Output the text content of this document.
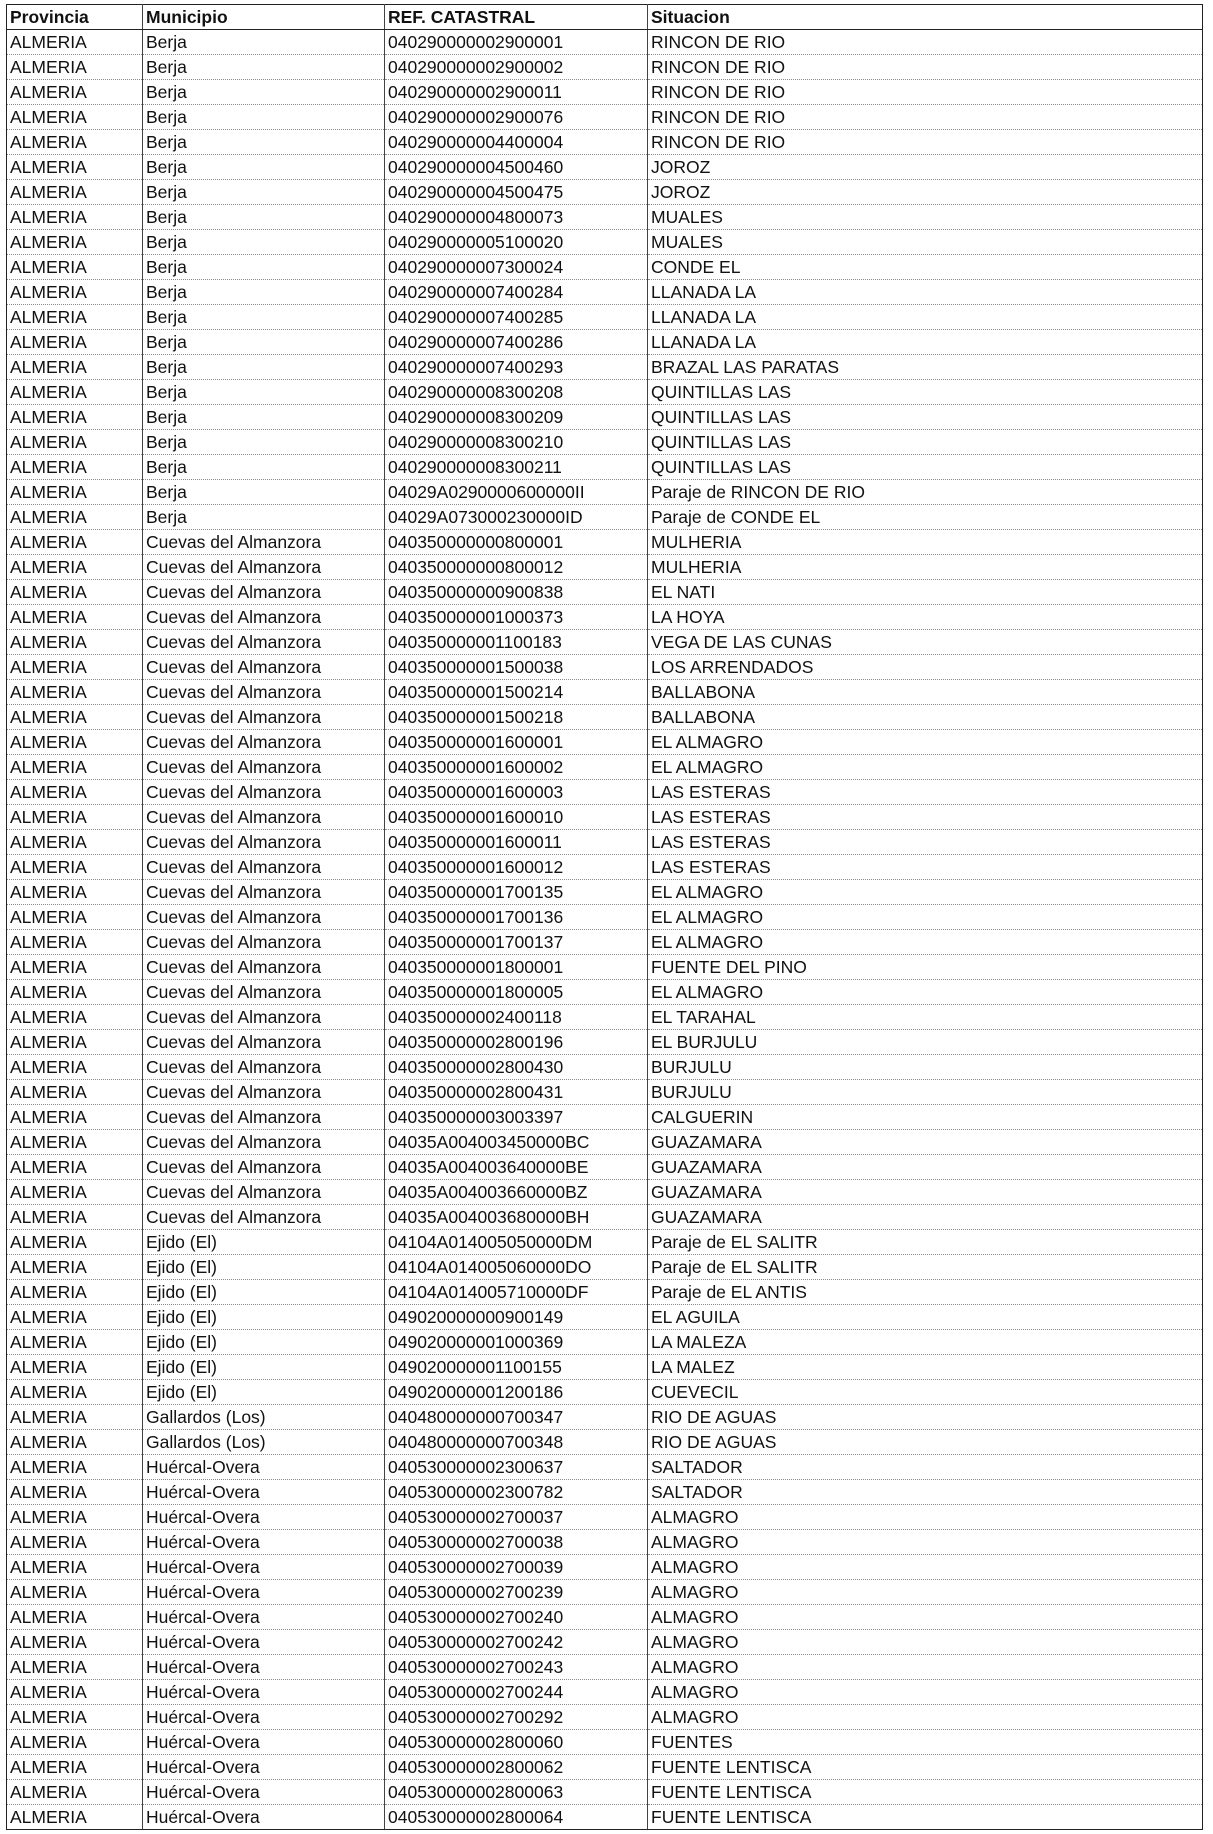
Provincia	Municipio	REF. CATASTRAL	Situacion
ALMERIA	Berja	040290000002900001	RINCON DE RIO
ALMERIA	Berja	040290000002900002	RINCON DE RIO
ALMERIA	Berja	040290000002900011	RINCON DE RIO
ALMERIA	Berja	040290000002900076	RINCON DE RIO
ALMERIA	Berja	040290000004400004	RINCON DE RIO
ALMERIA	Berja	040290000004500460	JOROZ
ALMERIA	Berja	040290000004500475	JOROZ
ALMERIA	Berja	040290000004800073	MUALES
ALMERIA	Berja	040290000005100020	MUALES
ALMERIA	Berja	040290000007300024	CONDE EL
ALMERIA	Berja	040290000007400284	LLANADA LA
ALMERIA	Berja	040290000007400285	LLANADA LA
ALMERIA	Berja	040290000007400286	LLANADA LA
ALMERIA	Berja	040290000007400293	BRAZAL LAS PARATAS
ALMERIA	Berja	040290000008300208	QUINTILLAS LAS
ALMERIA	Berja	040290000008300209	QUINTILLAS LAS
ALMERIA	Berja	040290000008300210	QUINTILLAS LAS
ALMERIA	Berja	040290000008300211	QUINTILLAS LAS
ALMERIA	Berja	04029A0290000600000II	Paraje de RINCON DE RIO
ALMERIA	Berja	04029A073000230000ID	Paraje de CONDE EL
ALMERIA	Cuevas del Almanzora	040350000000800001	MULHERIA
ALMERIA	Cuevas del Almanzora	040350000000800012	MULHERIA
ALMERIA	Cuevas del Almanzora	040350000000900838	EL NATI
ALMERIA	Cuevas del Almanzora	040350000001000373	LA HOYA
ALMERIA	Cuevas del Almanzora	040350000001100183	VEGA DE LAS CUNAS
ALMERIA	Cuevas del Almanzora	040350000001500038	LOS ARRENDADOS
ALMERIA	Cuevas del Almanzora	040350000001500214	BALLABONA
ALMERIA	Cuevas del Almanzora	040350000001500218	BALLABONA
ALMERIA	Cuevas del Almanzora	040350000001600001	EL ALMAGRO
ALMERIA	Cuevas del Almanzora	040350000001600002	EL ALMAGRO
ALMERIA	Cuevas del Almanzora	040350000001600003	LAS ESTERAS
ALMERIA	Cuevas del Almanzora	040350000001600010	LAS ESTERAS
ALMERIA	Cuevas del Almanzora	040350000001600011	LAS ESTERAS
ALMERIA	Cuevas del Almanzora	040350000001600012	LAS ESTERAS
ALMERIA	Cuevas del Almanzora	040350000001700135	EL ALMAGRO
ALMERIA	Cuevas del Almanzora	040350000001700136	EL ALMAGRO
ALMERIA	Cuevas del Almanzora	040350000001700137	EL ALMAGRO
ALMERIA	Cuevas del Almanzora	040350000001800001	FUENTE DEL PINO
ALMERIA	Cuevas del Almanzora	040350000001800005	EL ALMAGRO
ALMERIA	Cuevas del Almanzora	040350000002400118	EL TARAHAL
ALMERIA	Cuevas del Almanzora	040350000002800196	EL BURJULU
ALMERIA	Cuevas del Almanzora	040350000002800430	BURJULU
ALMERIA	Cuevas del Almanzora	040350000002800431	BURJULU
ALMERIA	Cuevas del Almanzora	040350000003003397	CALGUERIN
ALMERIA	Cuevas del Almanzora	04035A004003450000BC	GUAZAMARA
ALMERIA	Cuevas del Almanzora	04035A004003640000BE	GUAZAMARA
ALMERIA	Cuevas del Almanzora	04035A004003660000BZ	GUAZAMARA
ALMERIA	Cuevas del Almanzora	04035A004003680000BH	GUAZAMARA
ALMERIA	Ejido (El)	04104A014005050000DM	Paraje de EL SALITR
ALMERIA	Ejido (El)	04104A014005060000DO	Paraje de EL SALITR
ALMERIA	Ejido (El)	04104A014005710000DF	Paraje de EL ANTIS
ALMERIA	Ejido (El)	049020000000900149	EL AGUILA
ALMERIA	Ejido (El)	049020000001000369	LA MALEZA
ALMERIA	Ejido (El)	049020000001100155	LA MALEZ
ALMERIA	Ejido (El)	049020000001200186	CUEVECIL
ALMERIA	Gallardos (Los)	040480000000700347	RIO DE AGUAS
ALMERIA	Gallardos (Los)	040480000000700348	RIO DE AGUAS
ALMERIA	Huércal-Overa	040530000002300637	SALTADOR
ALMERIA	Huércal-Overa	040530000002300782	SALTADOR
ALMERIA	Huércal-Overa	040530000002700037	ALMAGRO
ALMERIA	Huércal-Overa	040530000002700038	ALMAGRO
ALMERIA	Huércal-Overa	040530000002700039	ALMAGRO
ALMERIA	Huércal-Overa	040530000002700239	ALMAGRO
ALMERIA	Huércal-Overa	040530000002700240	ALMAGRO
ALMERIA	Huércal-Overa	040530000002700242	ALMAGRO
ALMERIA	Huércal-Overa	040530000002700243	ALMAGRO
ALMERIA	Huércal-Overa	040530000002700244	ALMAGRO
ALMERIA	Huércal-Overa	040530000002700292	ALMAGRO
ALMERIA	Huércal-Overa	040530000002800060	FUENTES
ALMERIA	Huércal-Overa	040530000002800062	FUENTE LENTISCA
ALMERIA	Huércal-Overa	040530000002800063	FUENTE LENTISCA
ALMERIA	Huércal-Overa	040530000002800064	FUENTE LENTISCA
